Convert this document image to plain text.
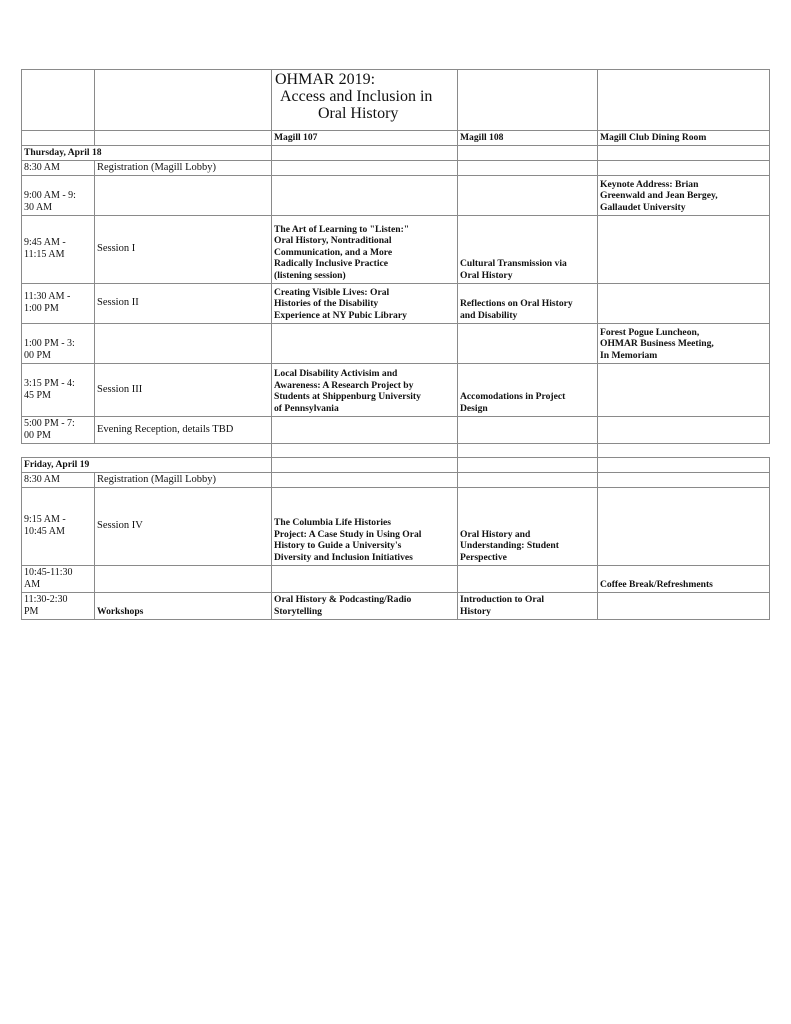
		OHMAR 2019:
Access and Inclusion in
Oral History		

		Magill 107	Magill 108	Magill Club Dining Room
Thursday, April 18				
8:30 AM	Registration (Magill Lobby)			
9:00 AM - 9:
30 AM				Keynote Address: Brian
Greenwald and Jean Bergey,
Gallaudet University
9:45 AM -
11:15 AM	Session I	The Art of Learning to "Listen:"
Oral History, Nontraditional
Communication, and a More
Radically Inclusive Practice
(listening session)	Cultural Transmission via
Oral History	
11:30 AM -
1:00 PM	Session II	Creating Visible Lives: Oral
Histories of the Disability
Experience at NY Pubic Library	Reflections on Oral History
and Disability	
1:00 PM - 3:
00 PM				Forest Pogue Luncheon,
OHMAR Business Meeting,
In Memoriam
3:15 PM - 4:
45 PM	Session III	Local Disability Activisim and
Awareness: A Research Project by
Students at Shippenburg University
of Pennsylvania	Accomodations in Project
Design	
5:00 PM - 7:
00 PM	Evening Reception, details TBD			

Friday, April 19				
8:30 AM	Registration (Magill Lobby)			
9:15 AM -
10:45 AM	Session IV	The Columbia Life Histories
Project: A Case Study in Using Oral
History to Guide a University's
Diversity and Inclusion Initiatives	Oral History and
Understanding: Student
Perspective	
10:45-11:30
AM				Coffee Break/Refreshments
11:30-2:30
PM	Workshops	Oral History & Podcasting/Radio
Storytelling	Introduction to Oral
History	
